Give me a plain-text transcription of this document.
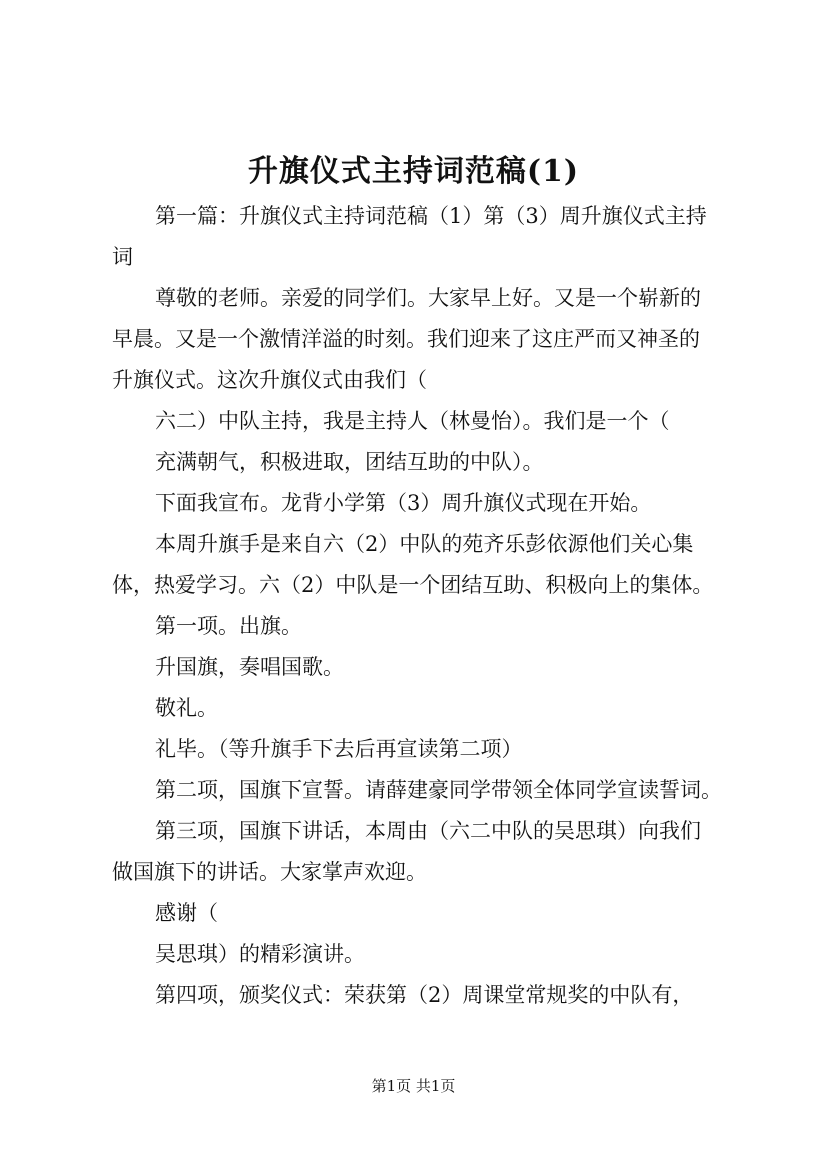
升旗仪式主持词范稿(1)
第一篇：升旗仪式主持词范稿（1）第（3）周升旗仪式主持
词
尊敬的老师。亲爱的同学们。大家早上好。又是一个崭新的
早晨。又是一个激情洋溢的时刻。我们迎来了这庄严而又神圣的
升旗仪式。这次升旗仪式由我们（
六二）中队主持，我是主持人（林曼怡）。我们是一个（
充满朝气，积极进取，团结互助的中队）。
下面我宣布。龙背小学第（3）周升旗仪式现在开始。
本周升旗手是来自六（2）中队的苑齐乐彭依源他们关心集
体，热爱学习。六（2）中队是一个团结互助、积极向上的集体。
第一项。出旗。
升国旗，奏唱国歌。
敬礼。
礼毕。（等升旗手下去后再宣读第二项）
第二项，国旗下宣誓。请薛建豪同学带领全体同学宣读誓词。
第三项，国旗下讲话，本周由（六二中队的吴思琪）向我们
做国旗下的讲话。大家掌声欢迎。
感谢（
吴思琪）的精彩演讲。
第四项，颁奖仪式：荣获第（2）周课堂常规奖的中队有，
第1页 共1页
